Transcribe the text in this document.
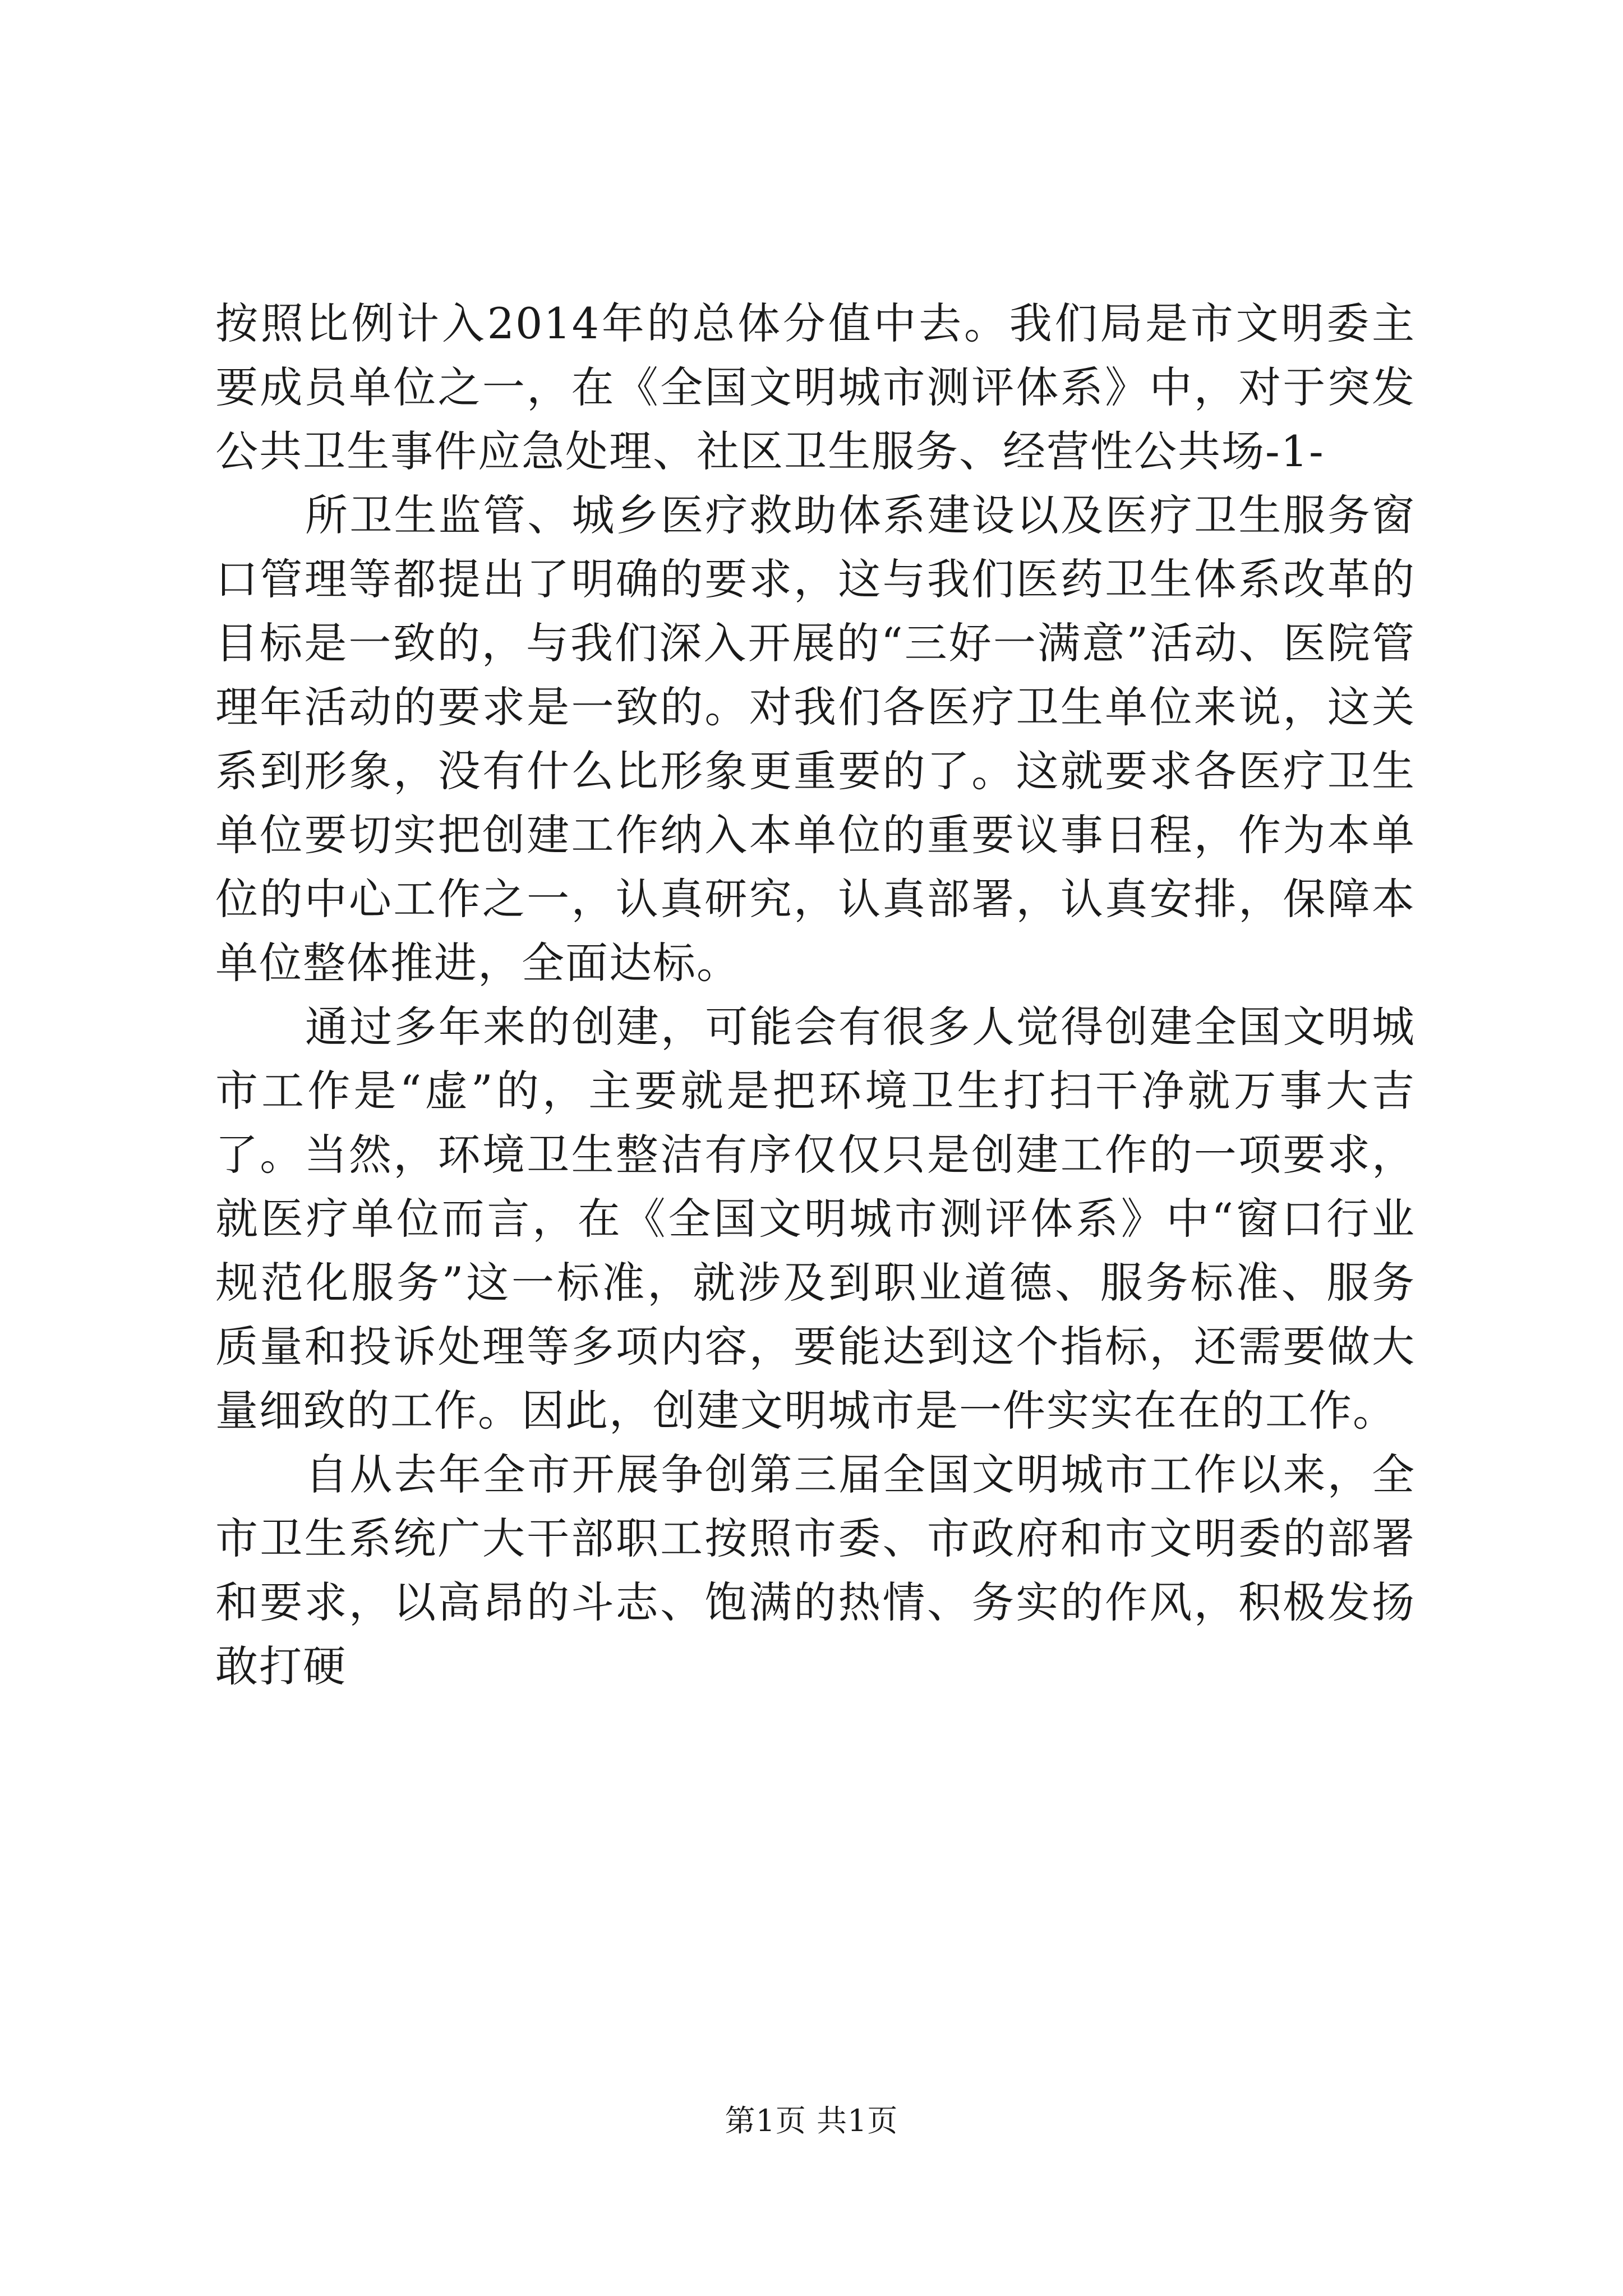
按照比例计入2014年的总体分值中去。我们局是市文明委主要成员单位之一，在《全国文明城市测评体系》中，对于突发公共卫生事件应急处理、社区卫生服务、经营性公共场-1-

所卫生监管、城乡医疗救助体系建设以及医疗卫生服务窗口管理等都提出了明确的要求，这与我们医药卫生体系改革的目标是一致的，与我们深入开展的“三好一满意”活动、医院管理年活动的要求是一致的。对我们各医疗卫生单位来说，这关系到形象，没有什么比形象更重要的了。这就要求各医疗卫生单位要切实把创建工作纳入本单位的重要议事日程，作为本单位的中心工作之一，认真研究，认真部署，认真安排，保障本单位整体推进，全面达标。

通过多年来的创建，可能会有很多人觉得创建全国文明城市工作是“虚”的，主要就是把环境卫生打扫干净就万事大吉了。当然，环境卫生整洁有序仅仅只是创建工作的一项要求，就医疗单位而言，在《全国文明城市测评体系》中“窗口行业规范化服务”这一标准，就涉及到职业道德、服务标准、服务质量和投诉处理等多项内容，要能达到这个指标，还需要做大量细致的工作。因此，创建文明城市是一件实实在在的工作。

自从去年全市开展争创第三届全国文明城市工作以来，全市卫生系统广大干部职工按照市委、市政府和市文明委的部署和要求，以高昂的斗志、饱满的热情、务实的作风，积极发扬敢打硬

第1页 共1页
